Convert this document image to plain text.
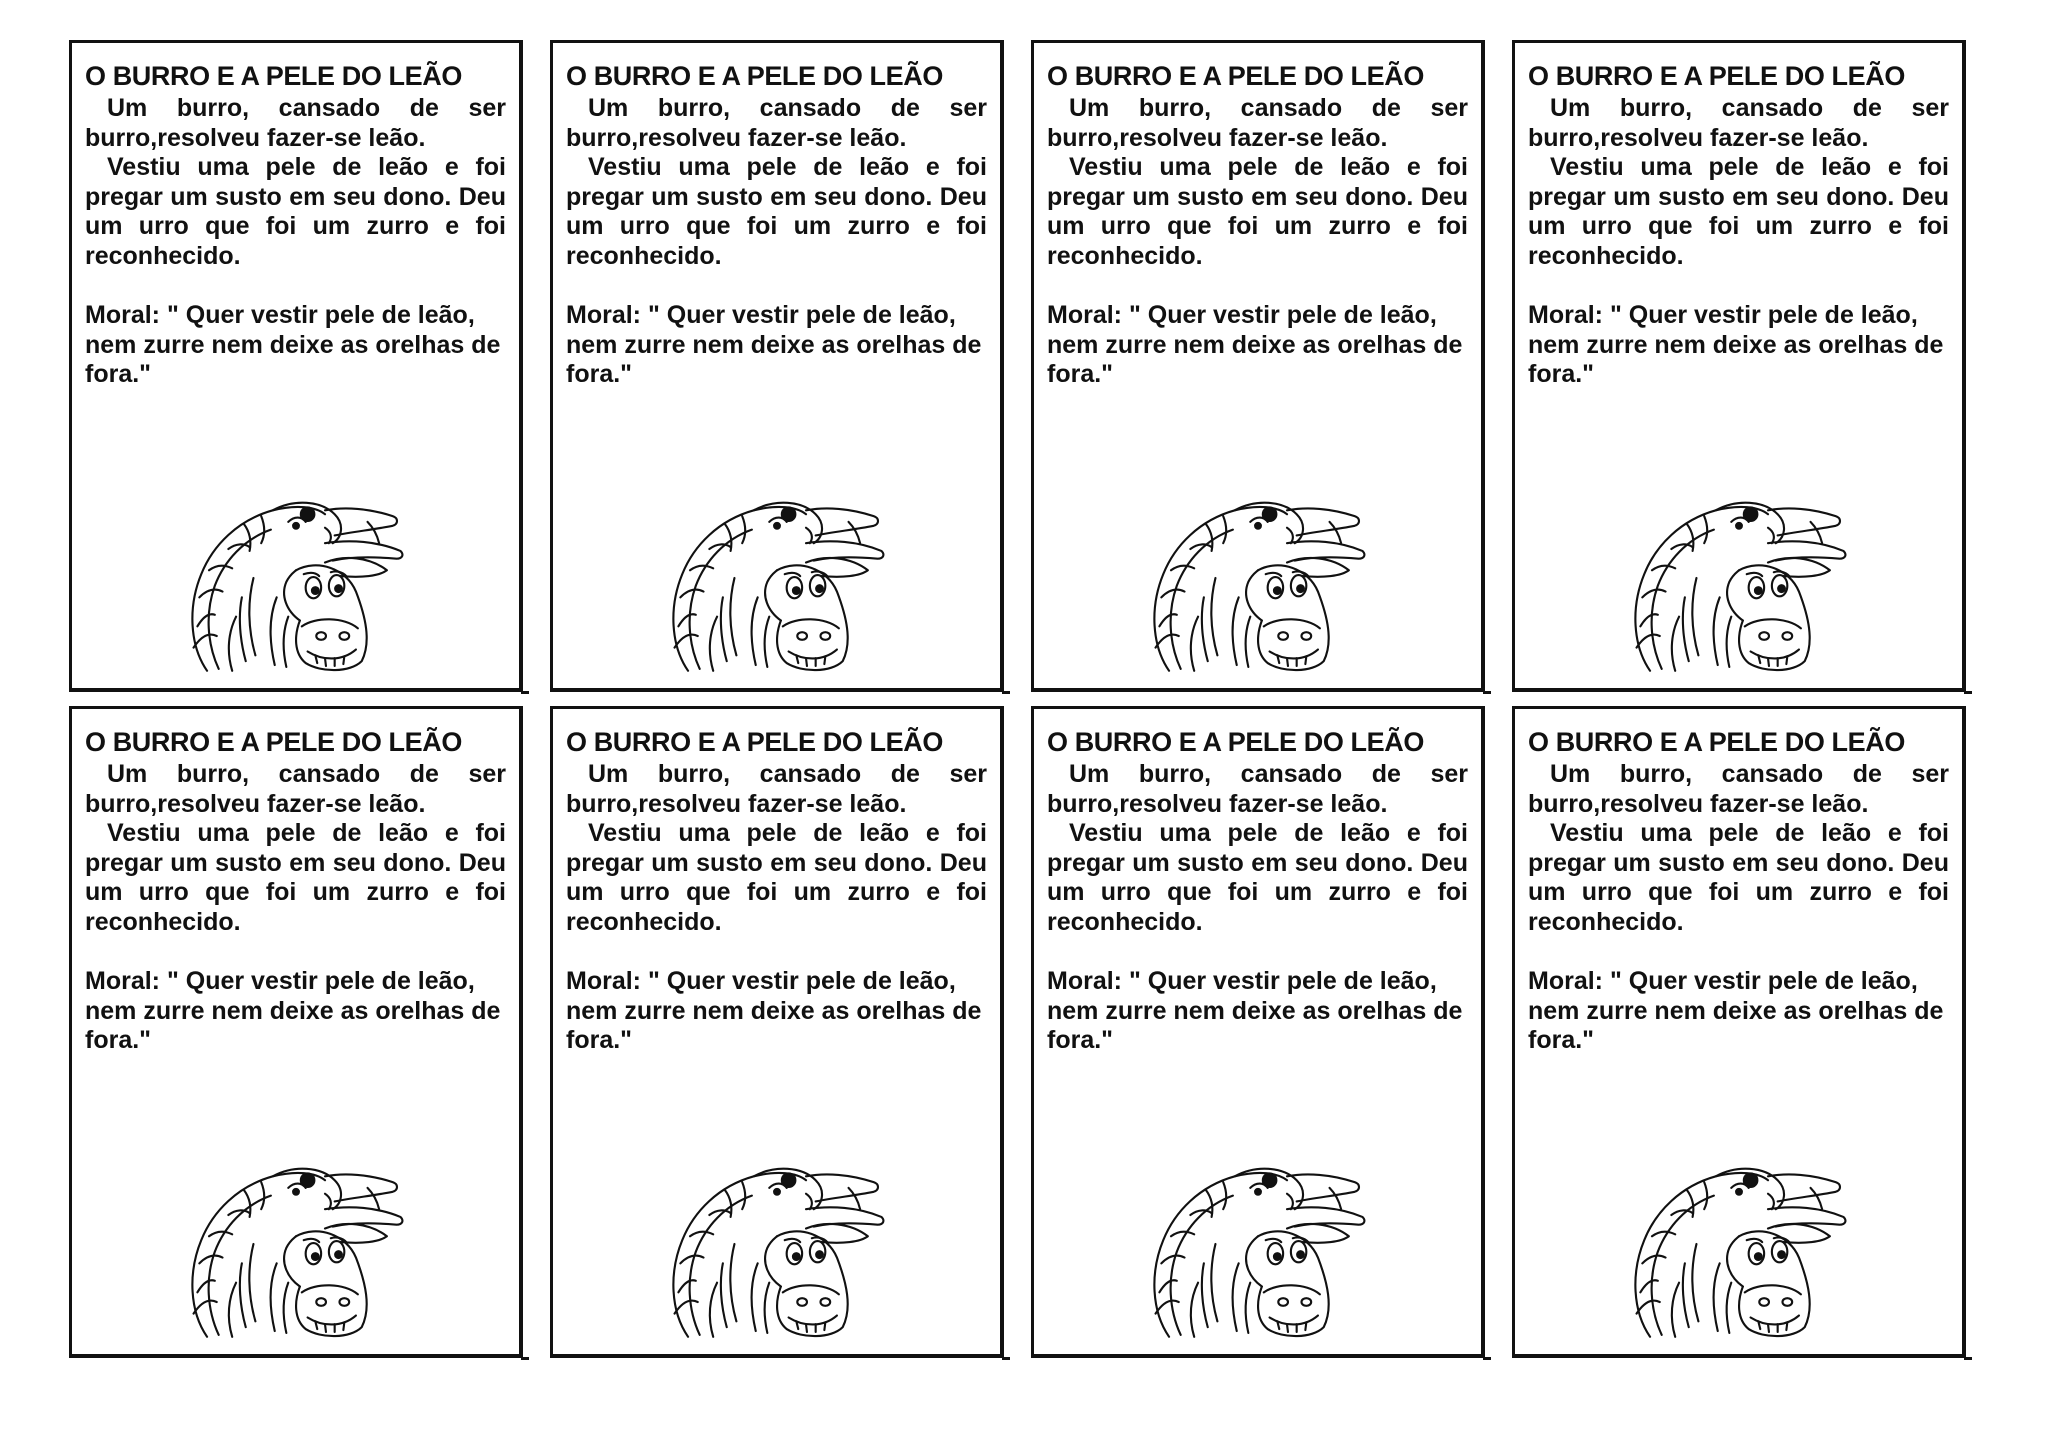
O BURRO E A PELE DO LEÃO

Um burro, cansado de ser burro,resolveu fazer-se leão.
Vestiu uma pele de leão e foi pregar um susto em seu dono. Deu um urro que foi um zurro e foi reconhecido.

Moral: " Quer vestir pele de leão, nem zurre nem deixe as orelhas de fora."

O BURRO E A PELE DO LEÃO

Um burro, cansado de ser burro,resolveu fazer-se leão.
Vestiu uma pele de leão e foi pregar um susto em seu dono. Deu um urro que foi um zurro e foi reconhecido.

Moral: " Quer vestir pele de leão, nem zurre nem deixe as orelhas de fora."

O BURRO E A PELE DO LEÃO

Um burro, cansado de ser burro,resolveu fazer-se leão.
Vestiu uma pele de leão e foi pregar um susto em seu dono. Deu um urro que foi um zurro e foi reconhecido.

Moral: " Quer vestir pele de leão, nem zurre nem deixe as orelhas de fora."

O BURRO E A PELE DO LEÃO

Um burro, cansado de ser burro,resolveu fazer-se leão.
Vestiu uma pele de leão e foi pregar um susto em seu dono. Deu um urro que foi um zurro e foi reconhecido.

Moral: " Quer vestir pele de leão, nem zurre nem deixe as orelhas de fora."

O BURRO E A PELE DO LEÃO

Um burro, cansado de ser burro,resolveu fazer-se leão.
Vestiu uma pele de leão e foi pregar um susto em seu dono. Deu um urro que foi um zurro e foi reconhecido.

Moral: " Quer vestir pele de leão, nem zurre nem deixe as orelhas de fora."

O BURRO E A PELE DO LEÃO

Um burro, cansado de ser burro,resolveu fazer-se leão.
Vestiu uma pele de leão e foi pregar um susto em seu dono. Deu um urro que foi um zurro e foi reconhecido.

Moral: " Quer vestir pele de leão, nem zurre nem deixe as orelhas de fora."

O BURRO E A PELE DO LEÃO

Um burro, cansado de ser burro,resolveu fazer-se leão.
Vestiu uma pele de leão e foi pregar um susto em seu dono. Deu um urro que foi um zurro e foi reconhecido.

Moral: " Quer vestir pele de leão, nem zurre nem deixe as orelhas de fora."

O BURRO E A PELE DO LEÃO

Um burro, cansado de ser burro,resolveu fazer-se leão.
Vestiu uma pele de leão e foi pregar um susto em seu dono. Deu um urro que foi um zurro e foi reconhecido.

Moral: " Quer vestir pele de leão, nem zurre nem deixe as orelhas de fora."
